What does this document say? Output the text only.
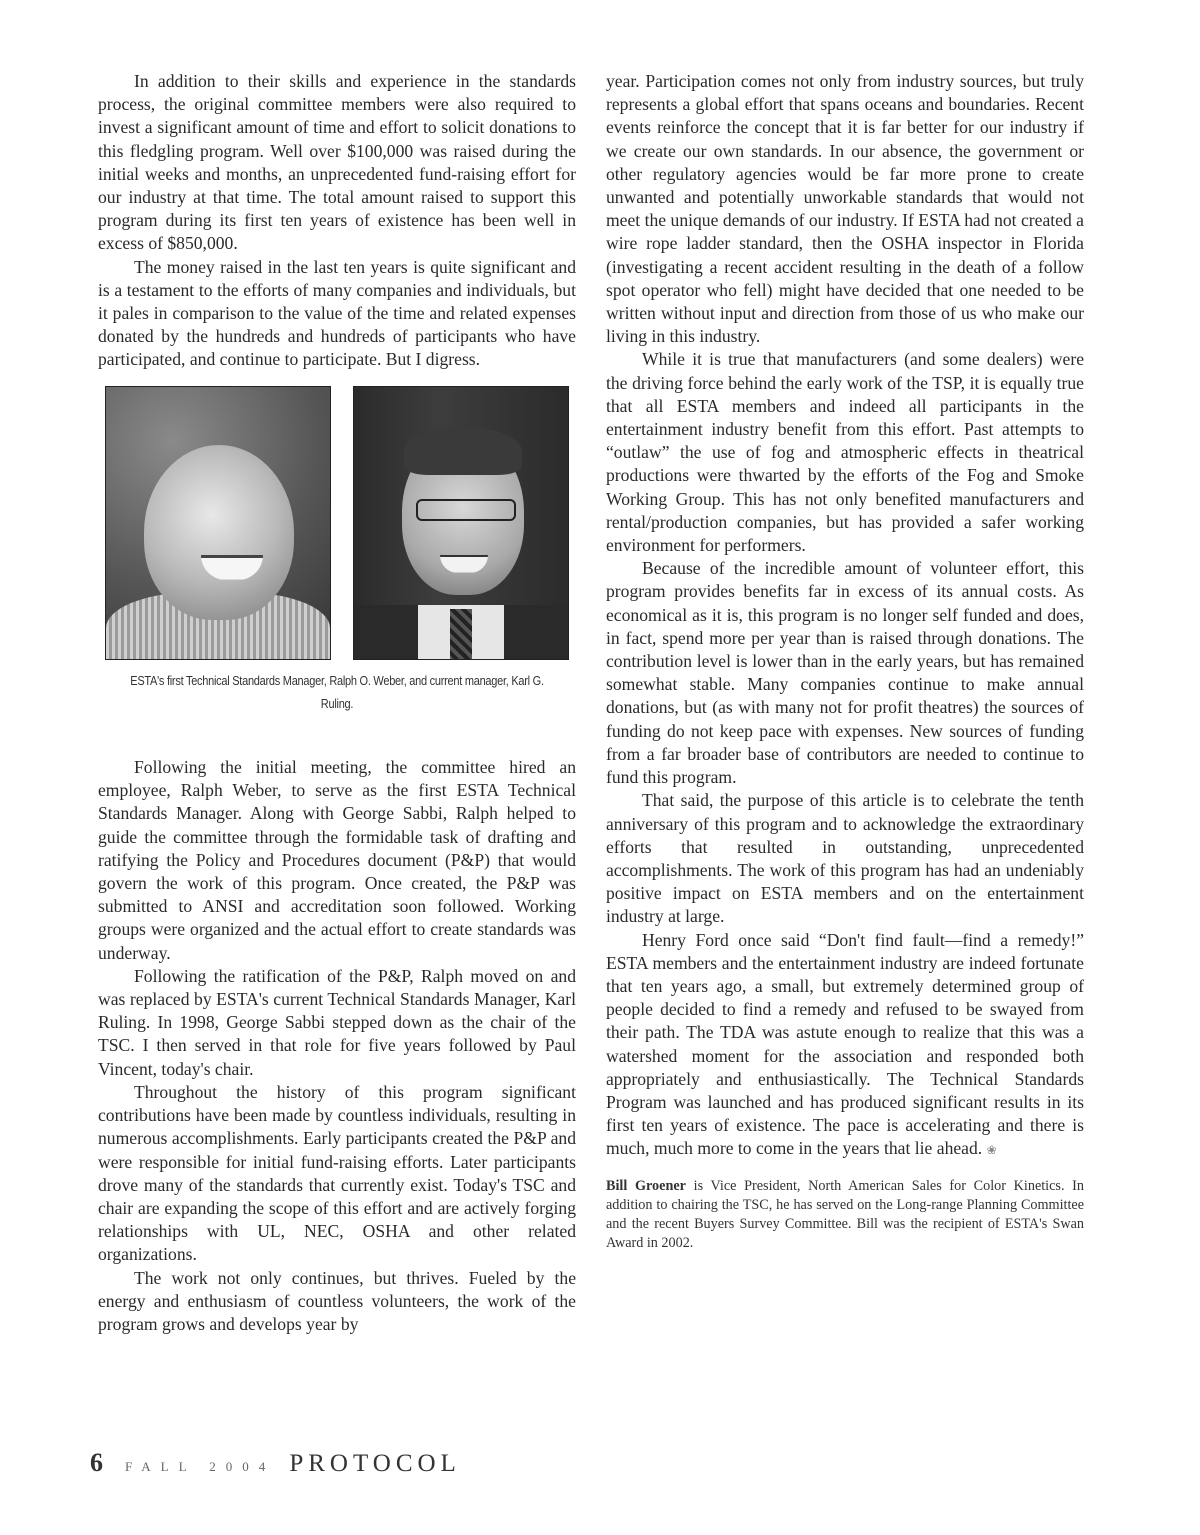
In addition to their skills and experience in the standards process, the original committee members were also required to invest a significant amount of time and effort to solicit donations to this fledgling program. Well over $100,000 was raised during the initial weeks and months, an unprecedented fund-raising effort for our industry at that time. The total amount raised to support this program during its first ten years of existence has been well in excess of $850,000.

The money raised in the last ten years is quite significant and is a testament to the efforts of many companies and individuals, but it pales in comparison to the value of the time and related expenses donated by the hundreds and hundreds of participants who have participated, and continue to participate. But I digress.

ESTA's first Technical Standards Manager, Ralph O. Weber, and current manager, Karl G. Ruling.

Following the initial meeting, the committee hired an employee, Ralph Weber, to serve as the first ESTA Technical Standards Manager. Along with George Sabbi, Ralph helped to guide the committee through the formidable task of drafting and ratifying the Policy and Procedures document (P&P) that would govern the work of this program. Once created, the P&P was submitted to ANSI and accreditation soon followed. Working groups were organized and the actual effort to create standards was underway.

Following the ratification of the P&P, Ralph moved on and was replaced by ESTA's current Technical Standards Manager, Karl Ruling. In 1998, George Sabbi stepped down as the chair of the TSC. I then served in that role for five years followed by Paul Vincent, today's chair.

Throughout the history of this program significant contributions have been made by countless individuals, resulting in numerous accomplishments. Early participants created the P&P and were responsible for initial fund-raising efforts. Later participants drove many of the standards that currently exist. Today's TSC and chair are expanding the scope of this effort and are actively forging relationships with UL, NEC, OSHA and other related organizations.

The work not only continues, but thrives. Fueled by the energy and enthusiasm of countless volunteers, the work of the program grows and develops year by

year. Participation comes not only from industry sources, but truly represents a global effort that spans oceans and boundaries. Recent events reinforce the concept that it is far better for our industry if we create our own standards. In our absence, the government or other regulatory agencies would be far more prone to create unwanted and potentially unworkable standards that would not meet the unique demands of our industry. If ESTA had not created a wire rope ladder standard, then the OSHA inspector in Florida (investigating a recent accident resulting in the death of a follow spot operator who fell) might have decided that one needed to be written without input and direction from those of us who make our living in this industry.

While it is true that manufacturers (and some dealers) were the driving force behind the early work of the TSP, it is equally true that all ESTA members and indeed all participants in the entertainment industry benefit from this effort. Past attempts to “outlaw” the use of fog and atmospheric effects in theatrical productions were thwarted by the efforts of the Fog and Smoke Working Group. This has not only benefited manufacturers and rental/production companies, but has provided a safer working environment for performers.

Because of the incredible amount of volunteer effort, this program provides benefits far in excess of its annual costs. As economical as it is, this program is no longer self funded and does, in fact, spend more per year than is raised through donations. The contribution level is lower than in the early years, but has remained somewhat stable. Many companies continue to make annual donations, but (as with many not for profit theatres) the sources of funding do not keep pace with expenses. New sources of funding from a far broader base of contributors are needed to continue to fund this program.

That said, the purpose of this article is to celebrate the tenth anniversary of this program and to acknowledge the extraordinary efforts that resulted in outstanding, unprecedented accomplishments. The work of this program has had an undeniably positive impact on ESTA members and on the entertainment industry at large.

Henry Ford once said “Don't find fault—find a remedy!” ESTA members and the entertainment industry are indeed fortunate that ten years ago, a small, but extremely determined group of people decided to find a remedy and refused to be swayed from their path. The TDA was astute enough to realize that this was a watershed moment for the association and responded both appropriately and enthusiastically. The Technical Standards Program was launched and has produced significant results in its first ten years of existence. The pace is accelerating and there is much, much more to come in the years that lie ahead. ❀

Bill Groener is Vice President, North American Sales for Color Kinetics. In addition to chairing the TSC, he has served on the Long-range Planning Committee and the recent Buyers Survey Committee. Bill was the recipient of ESTA's Swan Award in 2002.
6 FALL 2004 PROTOCOL
